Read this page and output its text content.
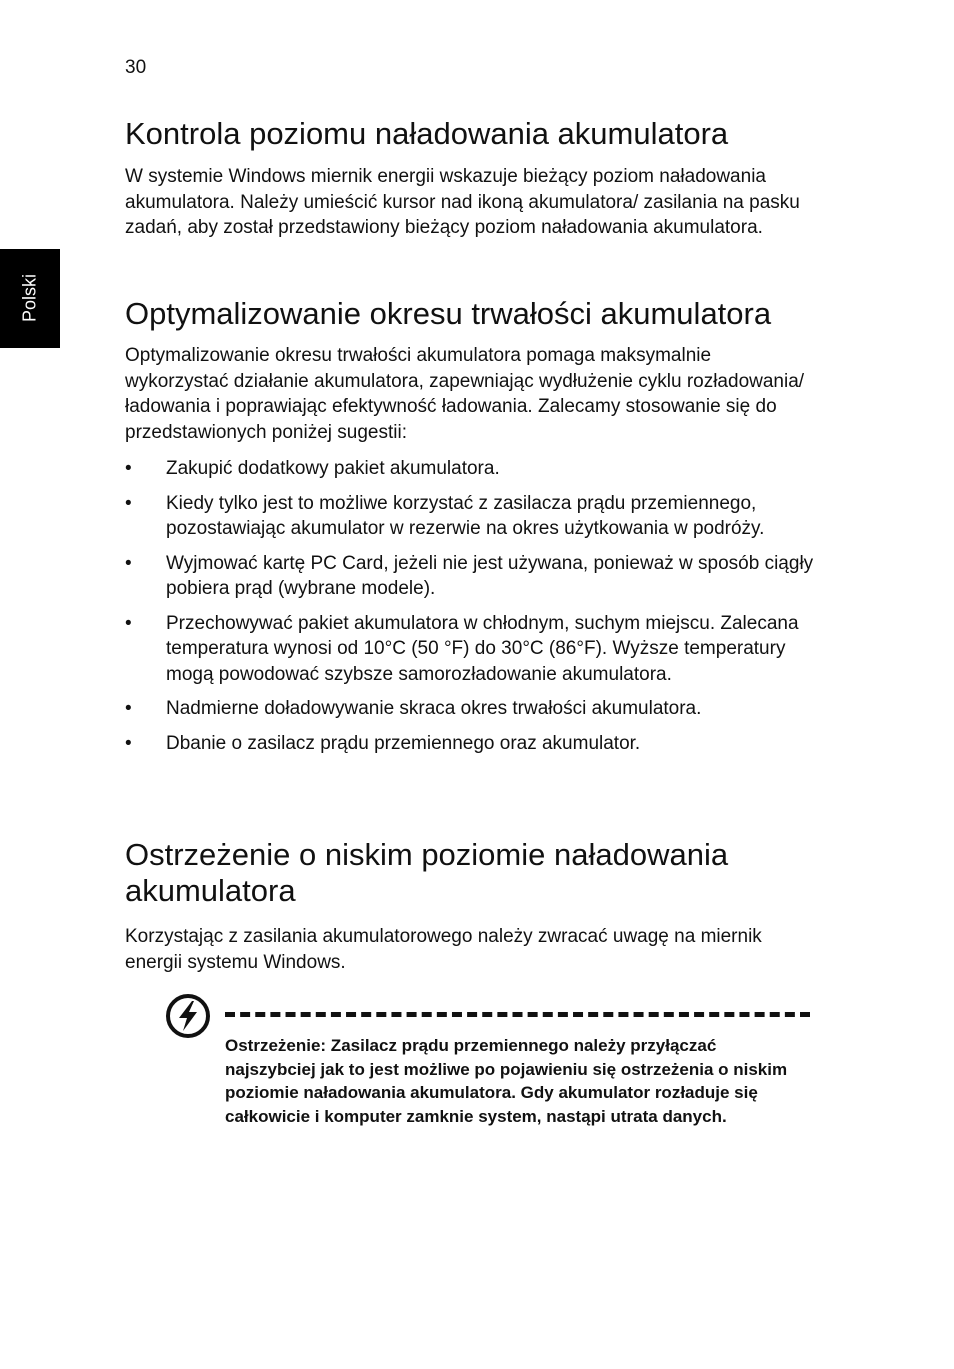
30
Polski
Kontrola poziomu naładowania akumulatora

W systemie Windows miernik energii wskazuje bieżący poziom naładowania akumulatora. Należy umieścić kursor nad ikoną akumulatora/ zasilania na pasku zadań, aby został przedstawiony bieżący poziom naładowania akumulatora.

Optymalizowanie okresu trwałości akumulatora

Optymalizowanie okresu trwałości akumulatora pomaga maksymalnie wykorzystać działanie akumulatora, zapewniając wydłużenie cyklu rozładowania/ładowania i poprawiając efektywność ładowania. Zalecamy stosowanie się do przedstawionych poniżej sugestii:

• Zakupić dodatkowy pakiet akumulatora.
• Kiedy tylko jest to możliwe korzystać z zasilacza prądu przemiennego, pozostawiając akumulator w rezerwie na okres użytkowania w podróży.
• Wyjmować kartę PC Card, jeżeli nie jest używana, ponieważ w sposób ciągły pobiera prąd (wybrane modele).
• Przechowywać pakiet akumulatora w chłodnym, suchym miejscu. Zalecana temperatura wynosi od 10°C (50 °F) do 30°C (86°F). Wyższe temperatury mogą powodować szybsze samorozładowanie akumulatora.
• Nadmierne doładowywanie skraca okres trwałości akumulatora.
• Dbanie o zasilacz prądu przemiennego oraz akumulator.
Ostrzeżenie o niskim poziomie naładowania akumulatora

Korzystając z zasilania akumulatorowego należy zwracać uwagę na miernik energii systemu Windows.

Ostrzeżenie: Zasilacz prądu przemiennego należy przyłączać najszybciej jak to jest możliwe po pojawieniu się ostrzeżenia o niskim poziomie naładowania akumulatora. Gdy akumulator rozładuje się całkowicie i komputer zamknie system, nastąpi utrata danych.
